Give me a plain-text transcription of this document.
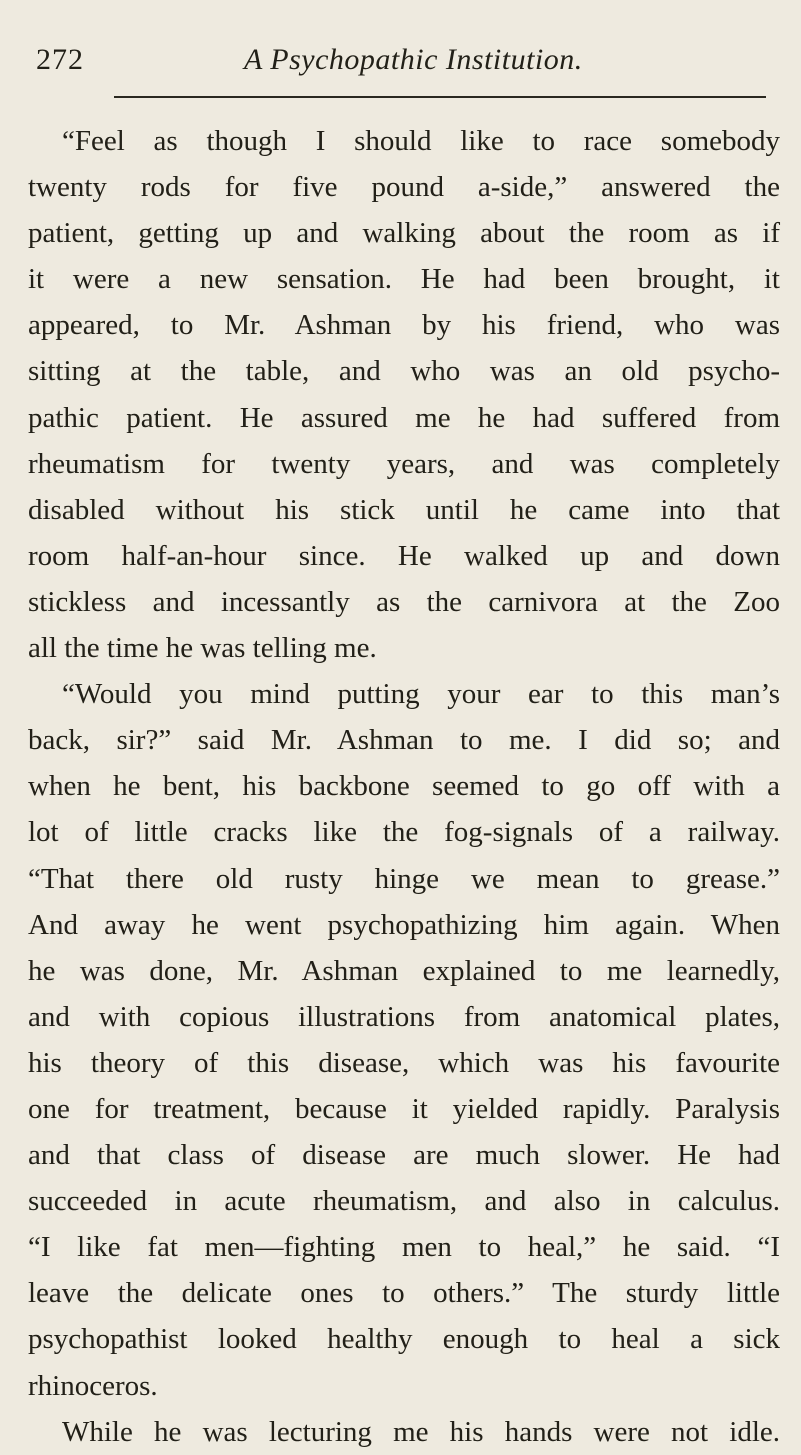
272	A Psychopathic Institution.
“Feel as though I should like to race somebody
twenty rods for five pound a-side,” answered the
patient, getting up and walking about the room as if
it were a new sensation. He had been brought, it
appeared, to Mr. Ashman by his friend, who was
sitting at the table, and who was an old psycho-
pathic patient. He assured me he had suffered from
rheumatism for twenty years, and was completely
disabled without his stick until he came into that
room half-an-hour since. He walked up and down
stickless and incessantly as the carnivora at the Zoo
all the time he was telling me.
“Would you mind putting your ear to this man’s
back, sir?” said Mr. Ashman to me. I did so; and
when he bent, his backbone seemed to go off with a
lot of little cracks like the fog-signals of a railway.
“That there old rusty hinge we mean to grease.”
And away he went psychopathizing him again. When
he was done, Mr. Ashman explained to me learnedly,
and with copious illustrations from anatomical plates,
his theory of this disease, which was his favourite
one for treatment, because it yielded rapidly. Paralysis
and that class of disease are much slower. He had
succeeded in acute rheumatism, and also in calculus.
“I like fat men—fighting men to heal,” he said. “I
leave the delicate ones to others.” The sturdy little
psychopathist looked healthy enough to heal a sick
rhinoceros.
While he was lecturing me his hands were not idle.
